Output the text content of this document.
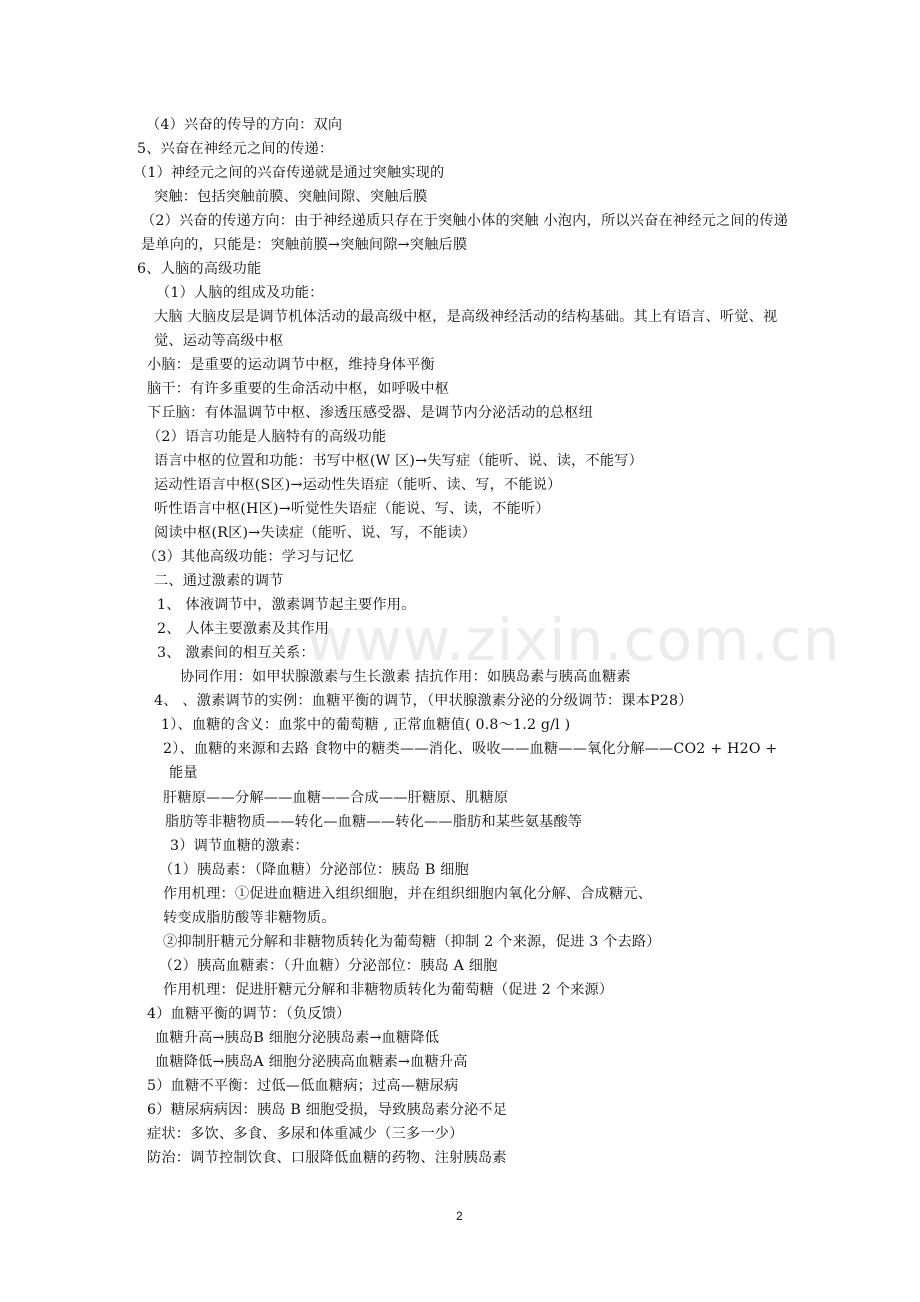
www.zixin.com.cn
（4）兴奋的传导的方向：双向
5、兴奋在神经元之间的传递：
（1）神经元之间的兴奋传递就是通过突触实现的
突触：包括突触前膜、突触间隙、突触后膜
（2）兴奋的传递方向：由于神经递质只存在于突触小体的突触 小泡内，所以兴奋在神经元之间的传递
是单向的，只能是：突触前膜→突触间隙→突触后膜
6、人脑的高级功能
（1）人脑的组成及功能：
大脑 大脑皮层是调节机体活动的最高级中枢，是高级神经活动的结构基础。其上有语言、听觉、视
觉、运动等高级中枢
小脑：是重要的运动调节中枢，维持身体平衡
脑干：有许多重要的生命活动中枢，如呼吸中枢
下丘脑：有体温调节中枢、渗透压感受器、是调节内分泌活动的总枢纽
（2）语言功能是人脑特有的高级功能
语言中枢的位置和功能：书写中枢(W 区)→失写症（能听、说、读，不能写）
运动性语言中枢(S区)→运动性失语症（能听、读、写，不能说）
听性语言中枢(H区)→听觉性失语症（能说、写、读，不能听）
阅读中枢(R区)→失读症（能听、说、写，不能读）
（3）其他高级功能：学习与记忆
二、通过激素的调节
1、 体液调节中，激素调节起主要作用。
2、 人体主要激素及其作用
3、 激素间的相互关系：
协同作用：如甲状腺激素与生长激素 拮抗作用：如胰岛素与胰高血糖素
4、 、激素调节的实例：血糖平衡的调节，（甲状腺激素分泌的分级调节：课本P28）
1）、血糖的含义：血浆中的葡萄糖 , 正常血糖值( 0.8～1.2 g/l )
2）、血糖的来源和去路 食物中的糖类——消化、吸收——血糖——氧化分解——CO2 + H2O +
能量
肝糖原——分解——血糖——合成——肝糖原、肌糖原
脂肪等非糖物质——转化—血糖——转化——脂肪和某些氨基酸等
3）调节血糖的激素：
（1）胰岛素：（降血糖）分泌部位：胰岛 B 细胞
作用机理：①促进血糖进入组织细胞，并在组织细胞内氧化分解、合成糖元、
转变成脂肪酸等非糖物质。
②抑制肝糖元分解和非糖物质转化为葡萄糖（抑制 2 个来源，促进 3 个去路）
（2）胰高血糖素：（升血糖）分泌部位：胰岛 A 细胞
作用机理：促进肝糖元分解和非糖物质转化为葡萄糖（促进 2 个来源）
4）血糖平衡的调节：（负反馈）
血糖升高→胰岛B 细胞分泌胰岛素→血糖降低
血糖降低→胰岛A 细胞分泌胰高血糖素→血糖升高
5）血糖不平衡：过低—低血糖病；过高—糖尿病
6）糖尿病病因：胰岛 B 细胞受损，导致胰岛素分泌不足
症状：多饮、多食、多尿和体重减少（三多一少）
防治：调节控制饮食、口服降低血糖的药物、注射胰岛素
2
